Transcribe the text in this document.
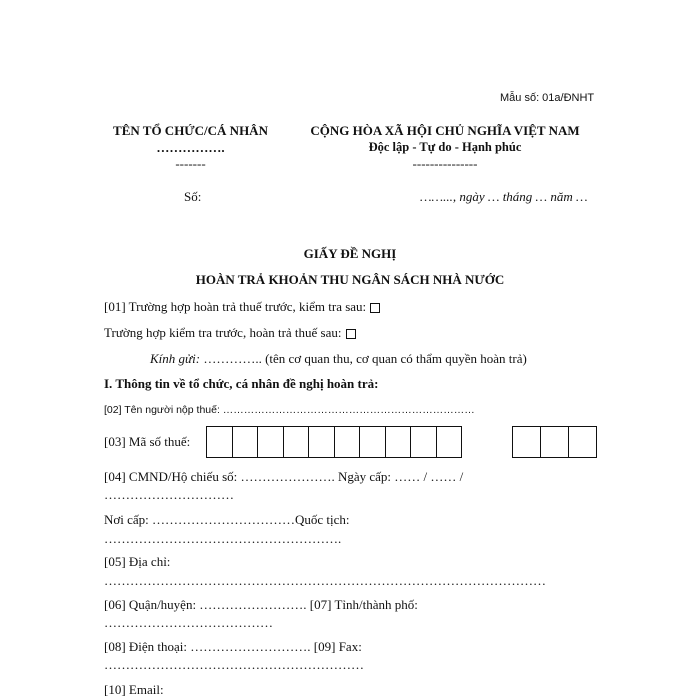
Mẫu số: 01a/ĐNHT
TÊN TỔ CHỨC/CÁ NHÂN
…………….
-------
CỘNG HÒA XÃ HỘI CHỦ NGHĨA VIỆT NAM
Độc lập - Tự do - Hạnh phúc
---------------
Số:	……..., ngày … tháng … năm …
GIẤY ĐỀ NGHỊ
HOÀN TRẢ KHOẢN THU NGÂN SÁCH NHÀ NƯỚC
[01] Trường hợp hoàn trả thuế trước, kiểm tra sau:
Trường hợp kiểm tra trước, hoàn trả thuế sau:
Kính gửi: ………….. (tên cơ quan thu, cơ quan có thẩm quyền hoàn trả)
I. Thông tin về tổ chức, cá nhân đề nghị hoàn trả:
[02] Tên người nộp thuế: ………………………………………………………………
[03] Mã số thuế:
[04] CMND/Hộ chiếu số: …………………. Ngày cấp: …… / …… /
…………………………
Nơi cấp: ……………………………Quốc tịch:
……………………………………………….
[05] Địa chỉ:
…………………………………………………………………………………………
[06] Quận/huyện: ……………………. [07] Tỉnh/thành phố:
…………………………………
[08] Điện thoại: ………………………. [09] Fax:
……………………………………………………
[10] Email:
